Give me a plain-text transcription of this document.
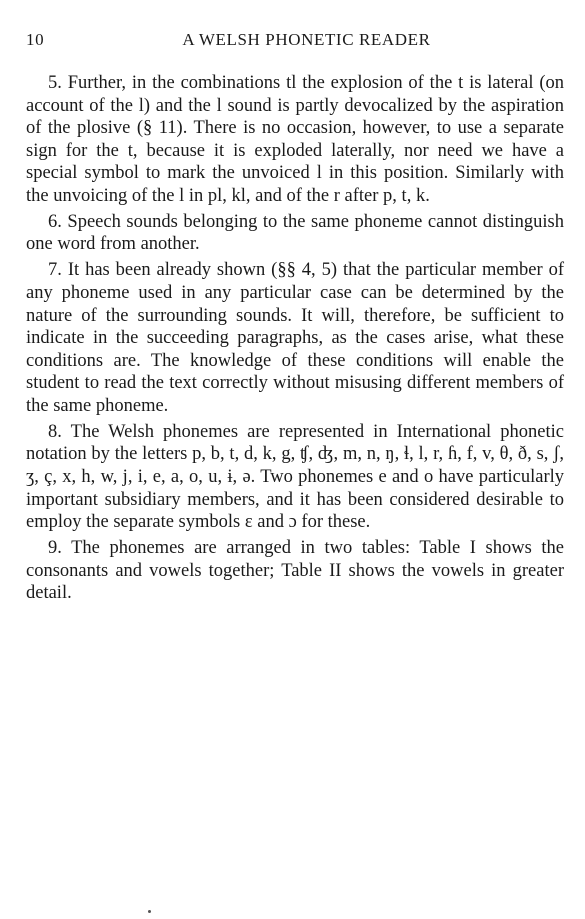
10	A WELSH PHONETIC READER

5. Further, in the combinations tl the explosion of the t is lateral (on account of the l) and the l sound is partly devocalized by the aspiration of the plosive (§ 11). There is no occasion, however, to use a separate sign for the t, because it is exploded laterally, nor need we have a special symbol to mark the unvoiced l in this position. Similarly with the unvoicing of the l in pl, kl, and of the r after p, t, k.

6. Speech sounds belonging to the same phoneme cannot distinguish one word from another.

7. It has been already shown (§§ 4, 5) that the particular member of any phoneme used in any particular case can be determined by the nature of the surrounding sounds. It will, therefore, be sufficient to indicate in the succeeding paragraphs, as the cases arise, what these conditions are. The knowledge of these conditions will enable the student to read the text correctly without misusing different members of the same phoneme.

8. The Welsh phonemes are represented in International phonetic notation by the letters p, b, t, d, k, g, ʧ, ʤ, m, n, ŋ, ɬ, l, r, ɦ, f, v, θ, ð, s, ʃ, ʒ, ç, x, h, w, j, i, e, a, o, u, ɨ, ə. Two phonemes e and o have particularly important subsidiary members, and it has been considered desirable to employ the separate symbols ɛ and ɔ for these.

9. The phonemes are arranged in two tables: Table I shows the consonants and vowels together; Table II shows the vowels in greater detail.
